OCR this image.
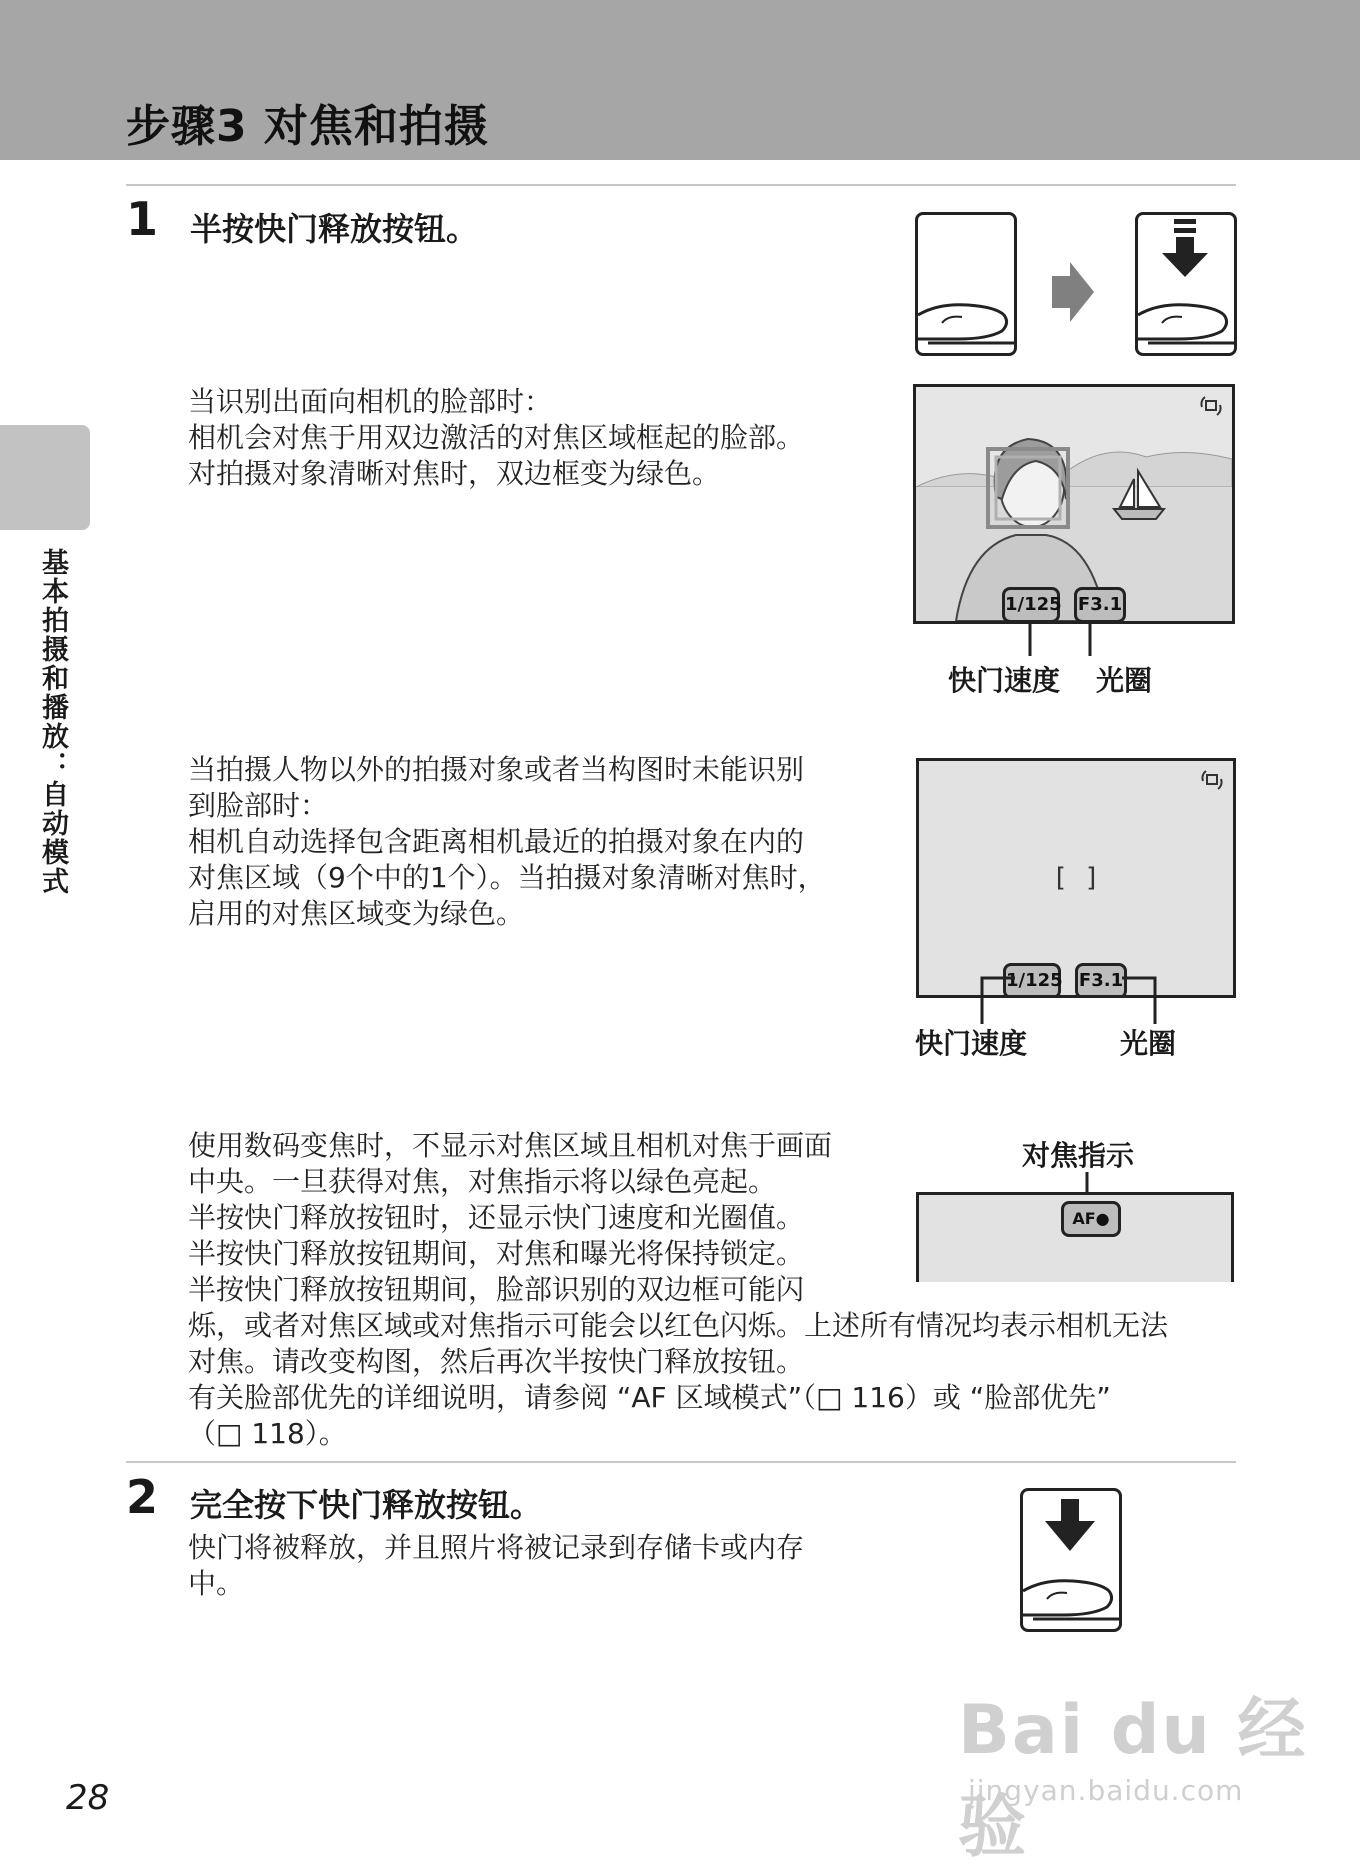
步骤3 对焦和拍摄
基本拍摄和播放：自动模式
1 半按快门释放按钮。
当识别出面向相机的脸部时：
相机会对焦于用双边激活的对焦区域框起的脸部。
对拍摄对象清晰对焦时，双边框变为绿色。
1/125 F3.1
快门速度 光圈
当拍摄人物以外的拍摄对象或者当构图时未能识别
到脸部时：
相机自动选择包含距离相机最近的拍摄对象在内的
对焦区域（9个中的1个）。当拍摄对象清晰对焦时，
启用的对焦区域变为绿色。
[ ]
1/125 F3.1
快门速度	光圈
使用数码变焦时，不显示对焦区域且相机对焦于画面
中央。一旦获得对焦，对焦指示将以绿色亮起。
半按快门释放按钮时，还显示快门速度和光圈值。
半按快门释放按钮期间，对焦和曝光将保持锁定。
半按快门释放按钮期间，脸部识别的双边框可能闪
烁，或者对焦区域或对焦指示可能会以红色闪烁。上述所有情况均表示相机无法
对焦。请改变构图，然后再次半按快门释放按钮。
有关脸部优先的详细说明，请参阅 “AF 区域模式”（□ 116）或 “脸部优先”
（□ 118）。
对焦指示
AF●
2 完全按下快门释放按钮。
快门将被释放，并且照片将被记录到存储卡或内存
中。
Bai du 经验
jingyan.baidu.com
28
